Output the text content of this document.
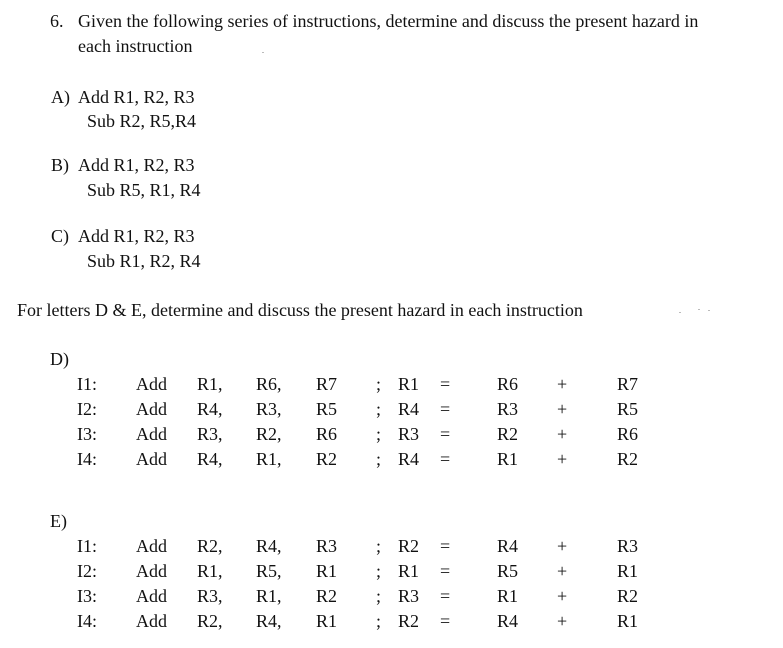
6. Given the following series of instructions, determine and discuss the present hazard in
each instruction
A) Add R1, R2, R3
Sub R2, R5,R4
B) Add R1, R2, R3
Sub R5, R1, R4
C) Add R1, R2, R3
Sub R1, R2, R4
For letters D & E, determine and discuss the present hazard in each instruction
D)
I1: Add R1, R6, R7 ; R1 =	R6 +	R7
I2: Add R4, R3, R5 ; R4 =	R3 +	R5
I3: Add R3, R2, R6 ; R3 =	R2 +	R6
I4: Add R4, R1, R2 ; R4 =	R1 +	R2
E)
I1: Add R2, R4, R3 ; R2 =	R4 +	R3
I2: Add R1, R5, R1 ; R1 =	R5 +	R1
I3: Add R3, R1, R2 ; R3 =	R1 +	R2
I4: Add R2, R4, R1 ; R2 =	R4 +	R1
